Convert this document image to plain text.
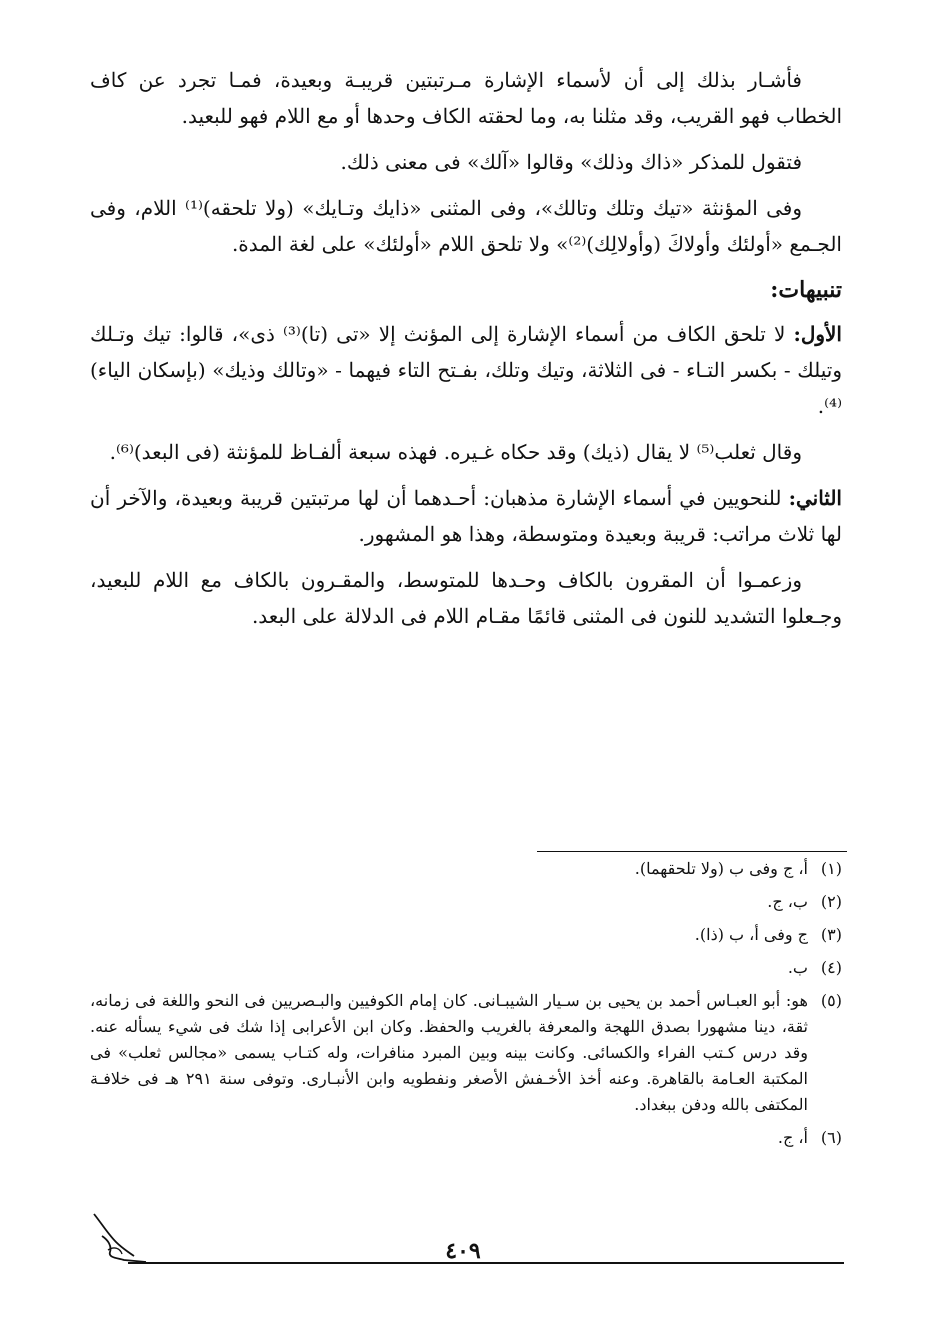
فأشـار بذلك إلى أن لأسماء الإشارة مـرتبتين قريبـة وبعيدة، فمـا تجرد عن كاف الخطاب فهو القريب، وقد مثلنا به، وما لحقته الكاف وحدها أو مع اللام فهو للبعيد.

فتقول للمذكر «ذاك وذلك» وقالوا «آلك» فى معنى ذلك.

وفى المؤنثة «تيك وتلك وتالك»، وفى المثنى «ذايك وتـايك» (ولا تلحقه)⁽¹⁾ اللام، وفى الجـمع «أولئك وأولاكَ (وأولالِك)⁽²⁾» ولا تلحق اللام «أولئك» على لغة المدة.

تنبيهات:

الأول: لا تلحق الكاف من أسماء الإشارة إلى المؤنث إلا «تى (تا)⁽³⁾ ذى»، قالوا: تيك وتـلك وتيلك - بكسر التـاء - فى الثلاثة، وتيك وتلك، بفـتح التاء فيهما - «وتالك وذيك» (بإسكان الياء)⁽⁴⁾.

وقال ثعلب⁽⁵⁾ لا يقال (ذيك) وقد حكاه غـيره. فهذه سبعة ألفـاظ للمؤنثة (فى البعد)⁽⁶⁾.

الثاني: للنحويين في أسماء الإشارة مذهبان: أحـدهما أن لها مرتبتين قريبة وبعيدة، والآخر أن لها ثلاث مراتب: قريبة وبعيدة ومتوسطة، وهذا هو المشهور.

وزعمـوا أن المقرون بالكاف وحـدها للمتوسط، والمقـرون بالكاف مع اللام للبعيد، وجـعلوا التشديد للنون فى المثنى قائمًا مقـام اللام فى الدلالة على البعد.

(١)
أ، ج وفى ب (ولا تلحقهما).
(٢)
ب، ج.
(٣)
ج وفى أ، ب (ذا).
(٤)
ب.
(٥)
هو: أبو العبـاس أحمد بن يحيى بن سـيار الشيبـانى. كان إمام الكوفيين والبـصريين فى النحو واللغة فى زمانه، ثقة، دينا مشهورا بصدق اللهجة والمعرفة بالغريب والحفظ. وكان ابن الأعرابى إذا شك فى شيء يسأله عنه. وقد درس كـتب الفراء والكسائى. وكانت بينه وبين المبرد منافرات، وله كتـاب يسمى «مجالس ثعلب» فى المكتبة العـامة بالقاهرة. وعنه أخذ الأخـفش الأصغر ونفطويه وابن الأنبـارى. وتوفى سنة ٢٩١ هـ فى خلافـة المكتفى بالله ودفن ببغداد.
(٦)
أ، ج.
٤٠٩
